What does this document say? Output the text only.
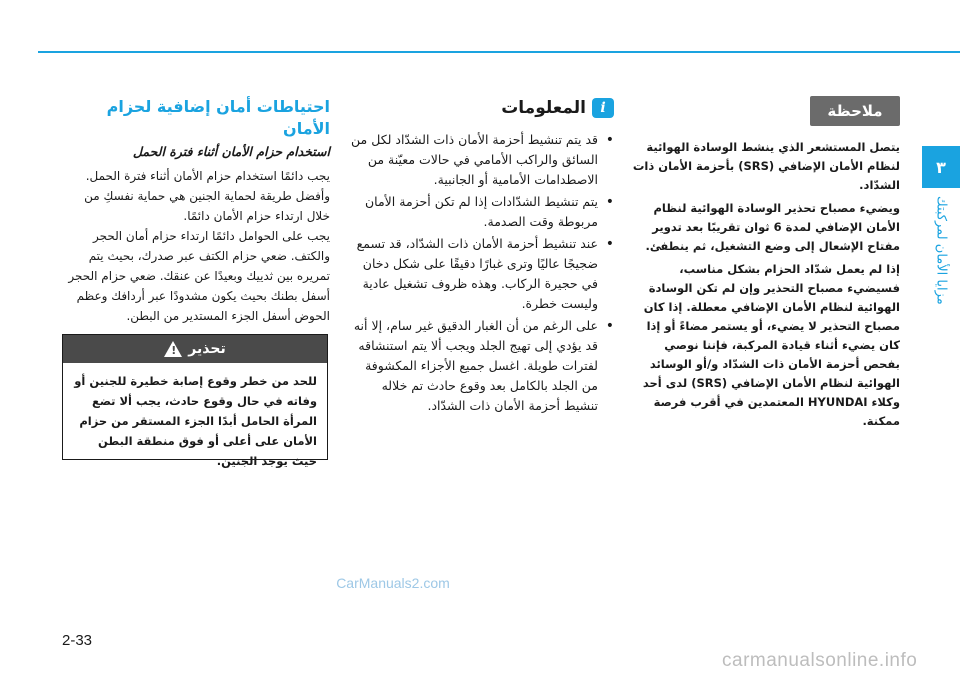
٣
مزايا الأمان لمركبتك
ملاحظة

يتصل المستشعر الذي ينشط الوسادة الهوائية لنظام الأمان الإضافي (SRS) بأحزمة الأمان ذات الشدّاد.

ويضيء مصباح تحذير الوسادة الهوائية لنظام الأمان الإضافي لمدة 6 ثوان تقريبًا بعد تدوير مفتاح الإشعال إلى وضع التشغيل، ثم ينطفئ.

إذا لم يعمل شدّاد الحزام بشكل مناسب، فسيضيء مصباح التحذير وإن لم تكن الوسادة الهوائية لنظام الأمان الإضافي معطلة. إذا كان مصباح التحذير لا يضيء، أو يستمر مضاءً أو إذا كان يضيء أثناء قيادة المركبة، فإننا نوصي بفحص أحزمة الأمان ذات الشدّاد و/أو الوسائد الهوائية لنظام الأمان الإضافي (SRS) لدى أحد وكلاء HYUNDAI المعتمدين في أقرب فرصة ممكنة.

i
المعلومات
• قد يتم تنشيط أحزمة الأمان ذات الشدّاد لكل من السائق والراكب الأمامي في حالات معيّنة من الاصطدامات الأمامية أو الجانبية.
• يتم تنشيط الشدّادات إذا لم تكن أحزمة الأمان مربوطة وقت الصدمة.
• عند تنشيط أحزمة الأمان ذات الشدّاد، قد تسمع ضجيجًا عاليًا وترى غبارًا دقيقًا على شكل دخان في حجيرة الركاب. وهذه ظروف تشغيل عادية وليست خطرة.
• على الرغم من أن الغبار الدقيق غير سام، إلا أنه قد يؤدي إلى تهيج الجلد ويجب ألا يتم استنشاقه لفترات طويلة. اغسل جميع الأجزاء المكشوفة من الجلد بالكامل بعد وقوع حادث تم خلاله تنشيط أحزمة الأمان ذات الشدّاد.
احتياطات أمان إضافية لحزام الأمان
استخدام حزام الأمان أثناء فترة الحمل

يجب دائمًا استخدام حزام الأمان أثناء فترة الحمل. وأفضل طريقة لحماية الجنين هي حماية نفسكِ من خلال ارتداء حزام الأمان دائمًا.

يجب على الحوامل دائمًا ارتداء حزام أمان الحجر والكتف. ضعي حزام الكتف عبر صدرك، بحيث يتم تمريره بين ثدييك وبعيدًا عن عنقك. ضعي حزام الحجر أسفل بطنك بحيث يكون مشدودًا عبر أردافك وعظم الحوض أسفل الجزء المستدير من البطن.

تحذير
!
للحد من خطر وقوع إصابة خطيرة للجنين أو وفاته في حال وقوع حادث، يجب ألا تضع المرأة الحامل أبدًا الجزء المستقر من حزام الأمان على أعلى أو فوق منطقة البطن حيث يوجد الجنين.
CarManuals2.com
2-33
carmanualsonline.info
